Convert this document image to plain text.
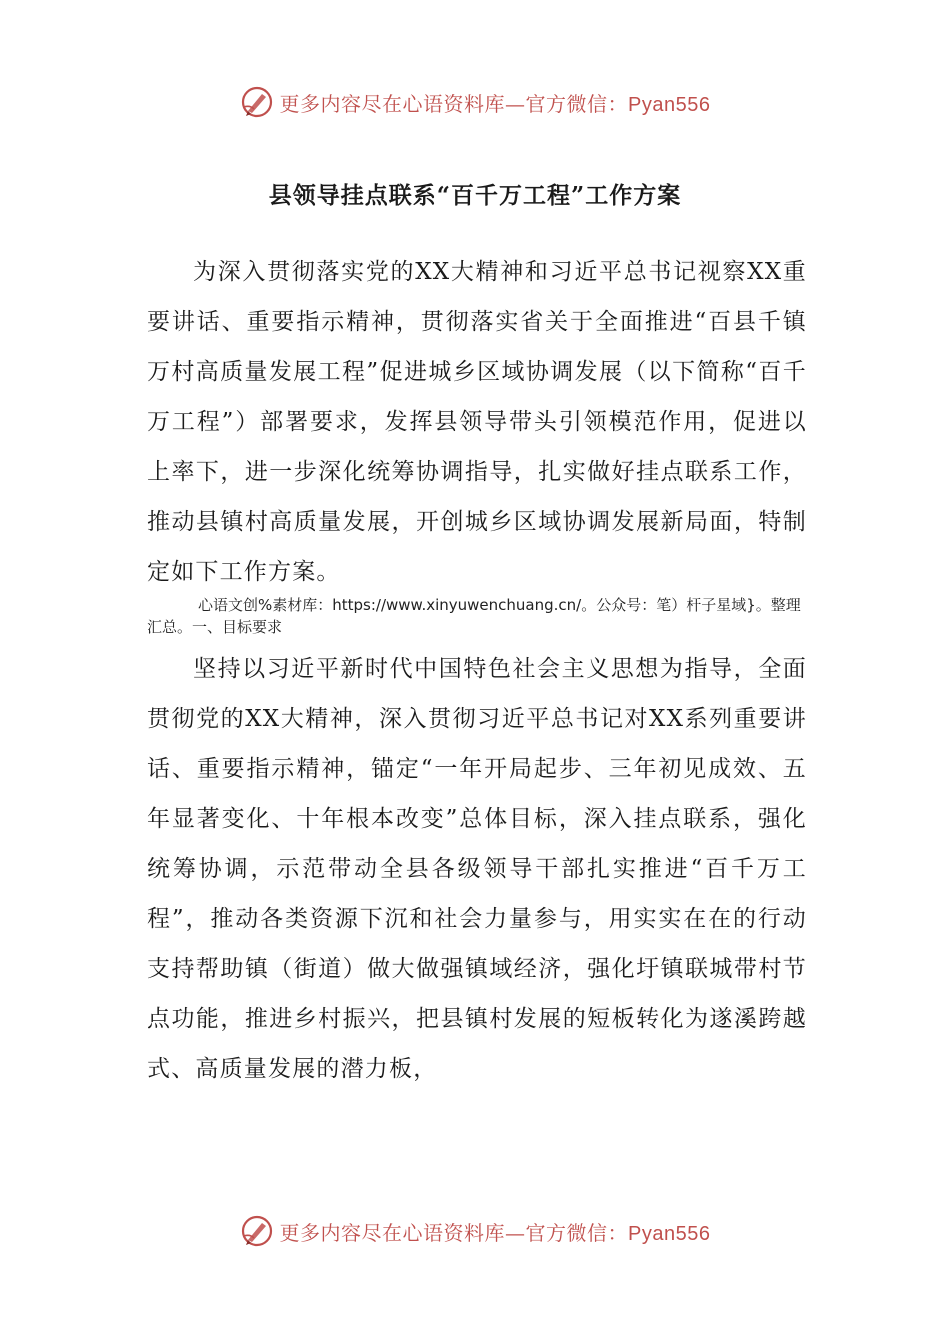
更多内容尽在心语资料库—官方微信：Pyan556
县领导挂点联系“百千万工程”工作方案

为深入贯彻落实党的XX大精神和习近平总书记视察XX重要讲话、重要指示精神，贯彻落实省关于全面推进“百县千镇万村高质量发展工程”促进城乡区域协调发展（以下简称“百千万工程”）部署要求，发挥县领导带头引领模范作用，促进以上率下，进一步深化统筹协调指导，扎实做好挂点联系工作，推动县镇村高质量发展，开创城乡区域协调发展新局面，特制定如下工作方案。

心语文创%素材库：https://www.xinyuwenchuang.cn/。公众号：笔）杆子星域}。整理汇总。一、目标要求

坚持以习近平新时代中国特色社会主义思想为指导，全面贯彻党的XX大精神，深入贯彻习近平总书记对XX系列重要讲话、重要指示精神，锚定“一年开局起步、三年初见成效、五年显著变化、十年根本改变”总体目标，深入挂点联系，强化统筹协调，示范带动全县各级领导干部扎实推进“百千万工程”，推动各类资源下沉和社会力量参与，用实实在在的行动支持帮助镇（街道）做大做强镇域经济，强化圩镇联城带村节点功能，推进乡村振兴，把县镇村发展的短板转化为遂溪跨越式、高质量发展的潜力板，

更多内容尽在心语资料库—官方微信：Pyan556
